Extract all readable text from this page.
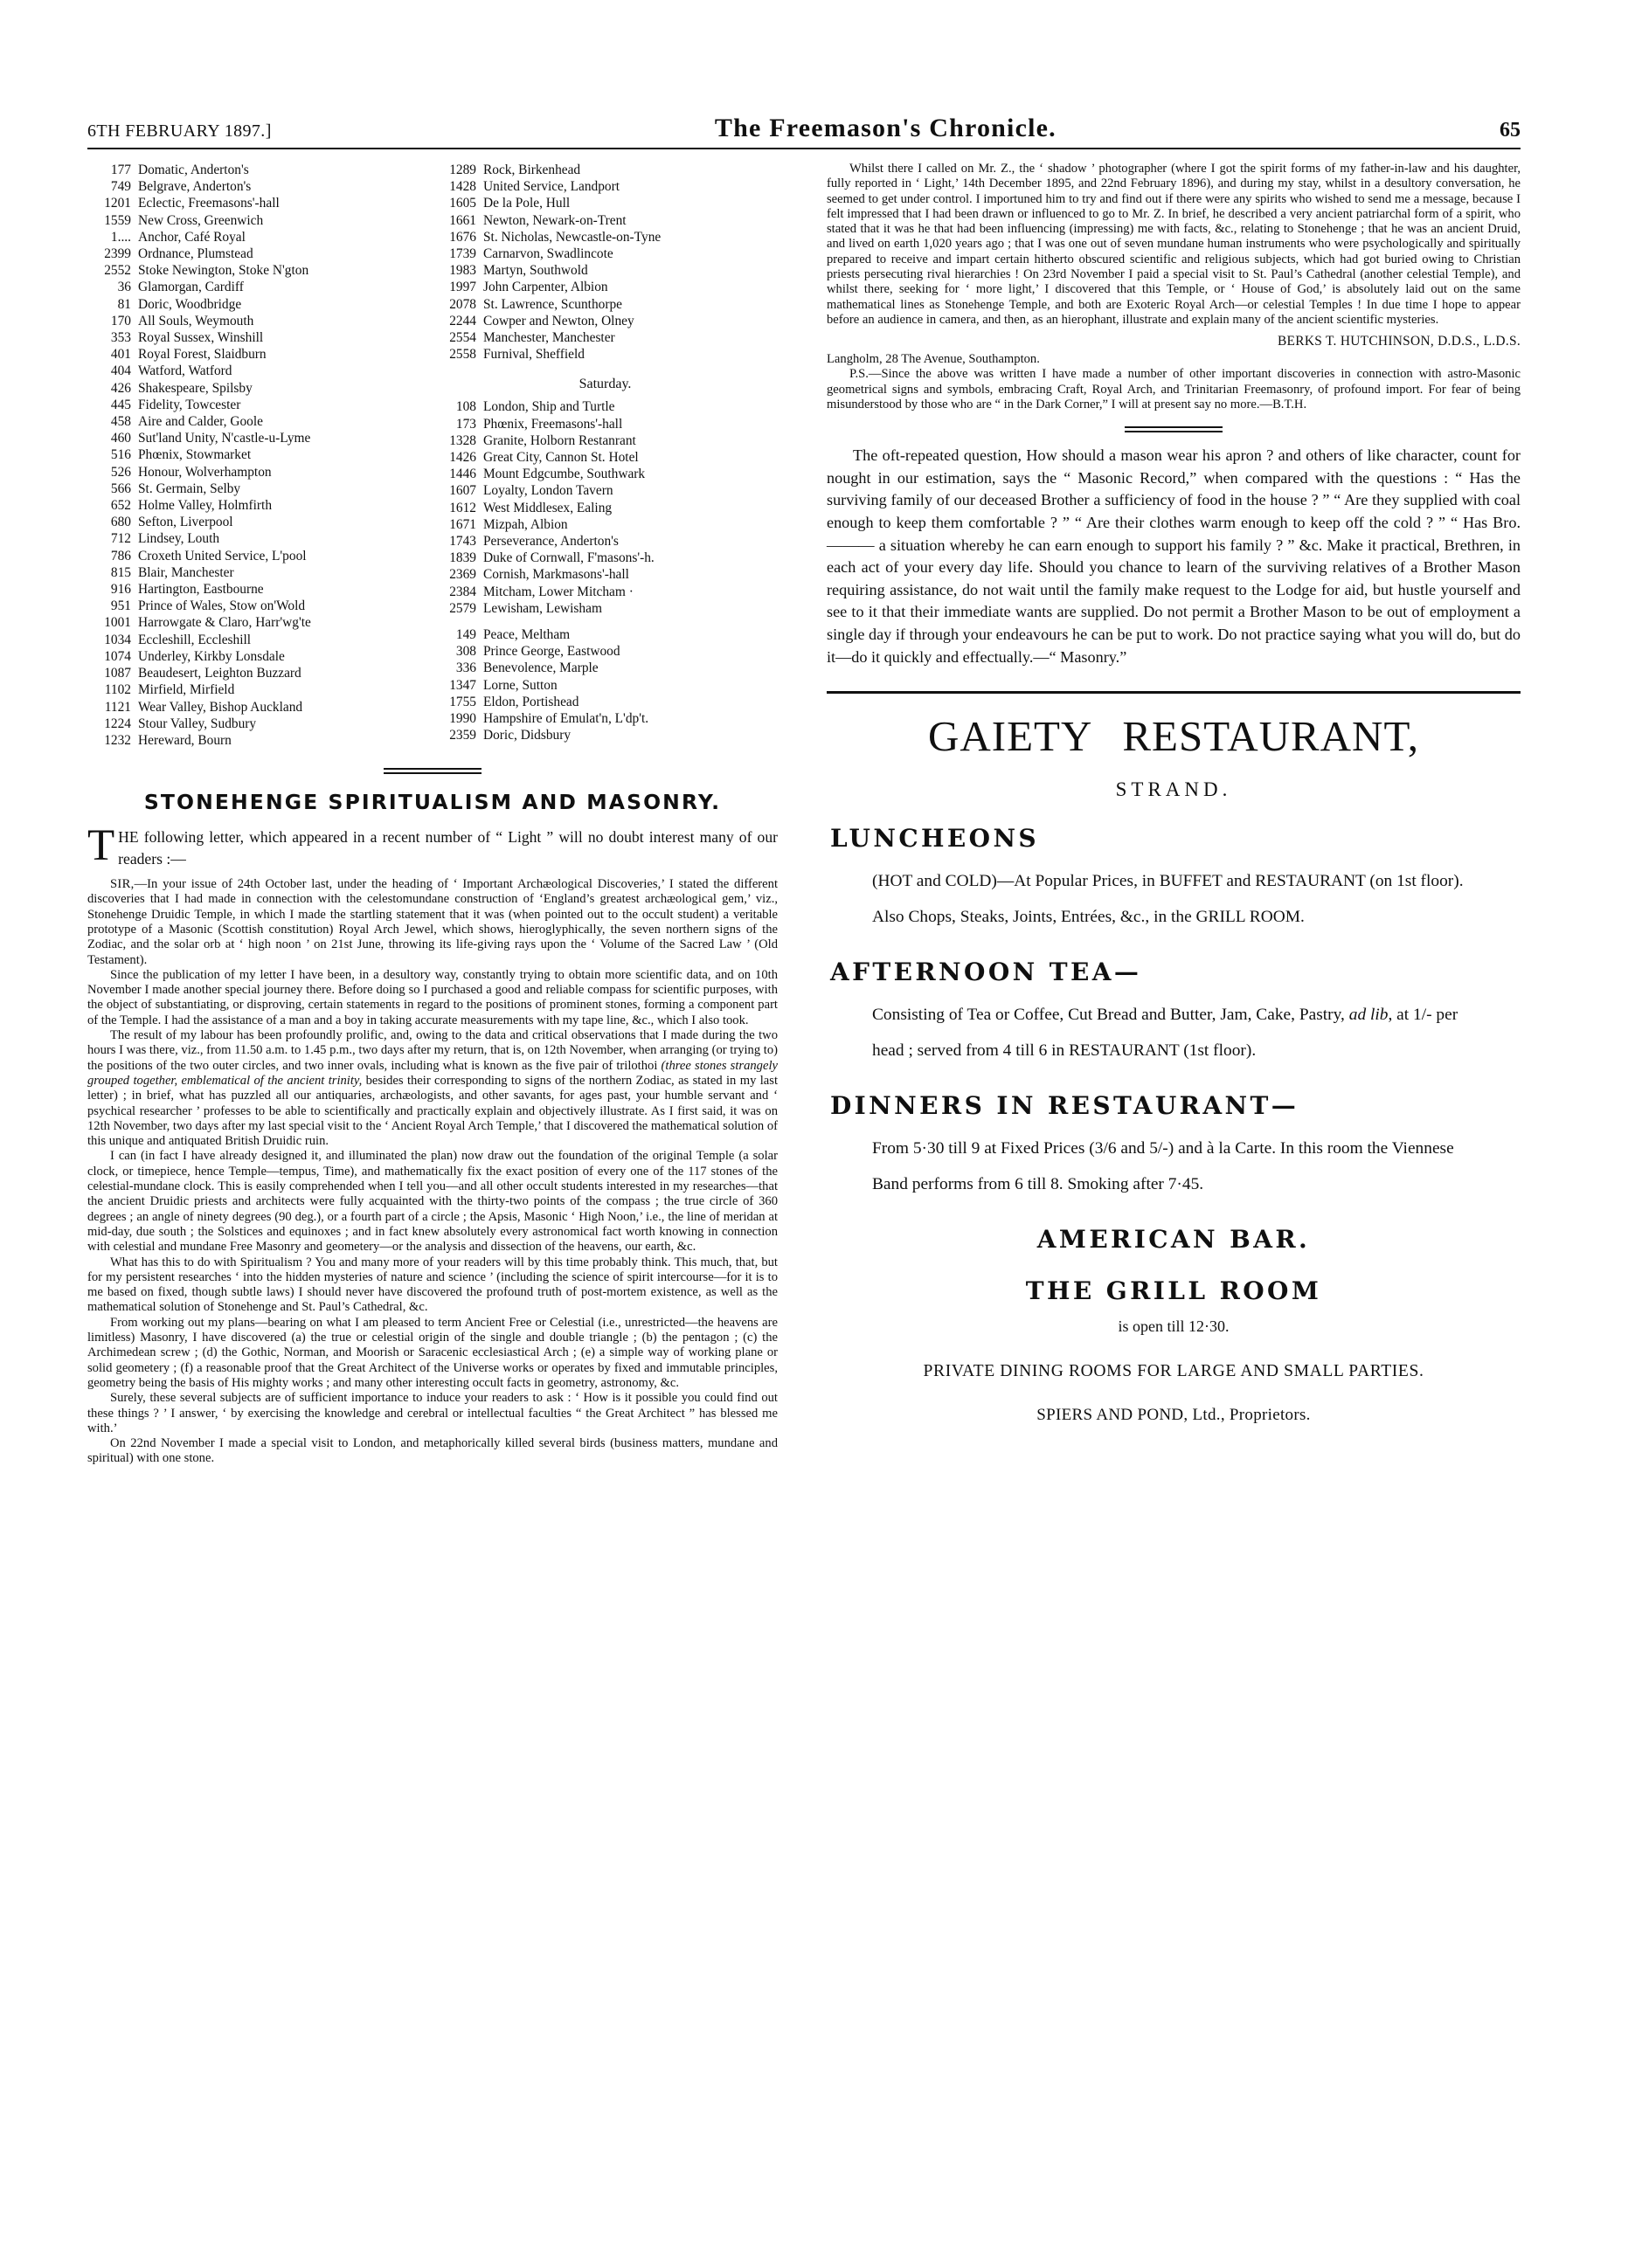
6TH FEBRUARY 1897.]	The Freemason's Chronicle.	65
177 Domatic, Anderton's
749 Belgrave, Anderton's
1201 Eclectic, Freemasons'-hall
1559 New Cross, Greenwich
1.... Anchor, Café Royal
2399 Ordnance, Plumstead
2552 Stoke Newington, Stoke N'gton
36 Glamorgan, Cardiff
81 Doric, Woodbridge
170 All Souls, Weymouth
353 Royal Sussex, Winshill
401 Royal Forest, Slaidburn
404 Watford, Watford
426 Shakespeare, Spilsby
445 Fidelity, Towcester
458 Aire and Calder, Goole
460 Sut'land Unity, N'castle-u-Lyme
516 Phœnix, Stowmarket
526 Honour, Wolverhampton
566 St. Germain, Selby
652 Holme Valley, Holmfirth
680 Sefton, Liverpool
712 Lindsey, Louth
786 Croxeth United Service, L'pool
815 Blair, Manchester
916 Hartington, Eastbourne
951 Prince of Wales, Stow on'Wold
1001 Harrowgate & Claro, Harr'wg'te
1034 Eccleshill, Eccleshill
1074 Underley, Kirkby Lonsdale
1087 Beaudesert, Leighton Buzzard
1102 Mirfield, Mirfield
1121 Wear Valley, Bishop Auckland
1224 Stour Valley, Sudbury
1232 Hereward, Bourn
1289 Rock, Birkenhead
1428 United Service, Landport
1605 De la Pole, Hull
1661 Newton, Newark-on-Trent
1676 St. Nicholas, Newcastle-on-Tyne
1739 Carnarvon, Swadlincote
1983 Martyn, Southwold
1997 John Carpenter, Albion
2078 St. Lawrence, Scunthorpe
2244 Cowper and Newton, Olney
2554 Manchester, Manchester
2558 Furnival, Sheffield
Saturday.
108 London, Ship and Turtle
173 Phœnix, Freemasons'-hall
1328 Granite, Holborn Restanrant
1426 Great City, Cannon St. Hotel
1446 Mount Edgcumbe, Southwark
1607 Loyalty, London Tavern
1612 West Middlesex, Ealing
1671 Mizpah, Albion
1743 Perseverance, Anderton's
1839 Duke of Cornwall, F'masons'-h.
2369 Cornish, Markmasons'-hall
2384 Mitcham, Lower Mitcham ·
2579 Lewisham, Lewisham
149 Peace, Meltham
308 Prince George, Eastwood
336 Benevolence, Marple
1347 Lorne, Sutton
1755 Eldon, Portishead
1990 Hampshire of Emulat'n, L'dp't.
2359 Doric, Didsbury
STONEHENGE SPIRITUALISM AND MASONRY.

THE following letter, which appeared in a recent number of “ Light ” will no doubt interest many of our readers :—

SIR,—In your issue of 24th October last, under the heading of ‘ Important Archæological Discoveries,’ I stated the different discoveries that I had made in connection with the celestomundane construction of ‘England’s greatest archæological gem,’ viz., Stonehenge Druidic Temple, in which I made the startling statement that it was (when pointed out to the occult student) a veritable prototype of a Masonic (Scottish constitution) Royal Arch Jewel, which shows, hieroglyphically, the seven northern signs of the Zodiac, and the solar orb at ‘ high noon ’ on 21st June, throwing its life-giving rays upon the ‘ Volume of the Sacred Law ’ (Old Testament).

Since the publication of my letter I have been, in a desultory way, constantly trying to obtain more scientific data, and on 10th November I made another special journey there. Before doing so I purchased a good and reliable compass for scientific purposes, with the object of substantiating, or disproving, certain statements in regard to the positions of prominent stones, forming a component part of the Temple. I had the assistance of a man and a boy in taking accurate measurements with my tape line, &c., which I also took.

The result of my labour has been profoundly prolific, and, owing to the data and critical observations that I made during the two hours I was there, viz., from 11.50 a.m. to 1.45 p.m., two days after my return, that is, on 12th November, when arranging (or trying to) the positions of the two outer circles, and two inner ovals, including what is known as the five pair of trilothoi (three stones strangely grouped together, emblematical of the ancient trinity, besides their corresponding to signs of the northern Zodiac, as stated in my last letter) ; in brief, what has puzzled all our antiquaries, archæologists, and other savants, for ages past, your humble servant and ‘ psychical researcher ’ professes to be able to scientifically and practically explain and objectively illustrate. As I first said, it was on 12th November, two days after my last special visit to the ‘ Ancient Royal Arch Temple,’ that I discovered the mathematical solution of this unique and antiquated British Druidic ruin.

I can (in fact I have already designed it, and illuminated the plan) now draw out the foundation of the original Temple (a solar clock, or timepiece, hence Temple—tempus, Time), and mathematically fix the exact position of every one of the 117 stones of the celestial-mundane clock. This is easily comprehended when I tell you—and all other occult students interested in my researches—that the ancient Druidic priests and architects were fully acquainted with the thirty-two points of the compass ; the true circle of 360 degrees ; an angle of ninety degrees (90 deg.), or a fourth part of a circle ; the Apsis, Masonic ‘ High Noon,’ i.e., the line of meridan at mid-day, due south ; the Solstices and equinoxes ; and in fact knew absolutely every astronomical fact worth knowing in connection with celestial and mundane Free Masonry and geometery—or the analysis and dissection of the heavens, our earth, &c.

What has this to do with Spiritualism ? You and many more of your readers will by this time probably think. This much, that, but for my persistent researches ‘ into the hidden mysteries of nature and science ’ (including the science of spirit intercourse—for it is to me based on fixed, though subtle laws) I should never have discovered the profound truth of post-mortem existence, as well as the mathematical solution of Stonehenge and St. Paul’s Cathedral, &c.

From working out my plans—bearing on what I am pleased to term Ancient Free or Celestial (i.e., unrestricted—the heavens are limitless) Masonry, I have discovered (a) the true or celestial origin of the single and double triangle ; (b) the pentagon ; (c) the Archimedean screw ; (d) the Gothic, Norman, and Moorish or Saracenic ecclesiastical Arch ; (e) a simple way of working plane or solid geometery ; (f) a reasonable proof that the Great Architect of the Universe works or operates by fixed and immutable principles, geometry being the basis of His mighty works ; and many other interesting occult facts in geometry, astronomy, &c.

Surely, these several subjects are of sufficient importance to induce your readers to ask : ‘ How is it possible you could find out these things ? ’ I answer, ‘ by exercising the knowledge and cerebral or intellectual faculties “ the Great Architect ” has blessed me with.’

On 22nd November I made a special visit to London, and metaphorically killed several birds (business matters, mundane and spiritual) with one stone.

Whilst there I called on Mr. Z., the ‘ shadow ’ photographer (where I got the spirit forms of my father-in-law and his daughter, fully reported in ‘ Light,’ 14th December 1895, and 22nd February 1896), and during my stay, whilst in a desultory conversation, he seemed to get under control. I importuned him to try and find out if there were any spirits who wished to send me a message, because I felt impressed that I had been drawn or influenced to go to Mr. Z. In brief, he described a very ancient patriarchal form of a spirit, who stated that it was he that had been influencing (impressing) me with facts, &c., relating to Stonehenge ; that he was an ancient Druid, and lived on earth 1,020 years ago ; that I was one out of seven mundane human instruments who were psychologically and spiritually prepared to receive and impart certain hitherto obscured scientific and religious subjects, which had got buried owing to Christian priests persecuting rival hierarchies ! On 23rd November I paid a special visit to St. Paul’s Cathedral (another celestial Temple), and whilst there, seeking for ‘ more light,’ I discovered that this Temple, or ‘ House of God,’ is absolutely laid out on the same mathematical lines as Stonehenge Temple, and both are Exoteric Royal Arch—or celestial Temples ! In due time I hope to appear before an audience in camera, and then, as an hierophant, illustrate and explain many of the ancient scientific mysteries.

BERKS T. HUTCHINSON, D.D.S., L.D.S.

Langholm, 28 The Avenue, Southampton.

P.S.—Since the above was written I have made a number of other important discoveries in connection with astro-Masonic geometrical signs and symbols, embracing Craft, Royal Arch, and Trinitarian Freemasonry, of profound import. For fear of being misunderstood by those who are “ in the Dark Corner,” I will at present say no more.—B.T.H.

The oft-repeated question, How should a mason wear his apron ? and others of like character, count for nought in our estimation, says the “ Masonic Record,” when compared with the questions : “ Has the surviving family of our deceased Brother a sufficiency of food in the house ? ” “ Are they supplied with coal enough to keep them comfortable ? ” “ Are their clothes warm enough to keep off the cold ? ” “ Has Bro. ——— a situation whereby he can earn enough to support his family ? ” &c. Make it practical, Brethren, in each act of your every day life. Should you chance to learn of the surviving relatives of a Brother Mason requiring assistance, do not wait until the family make request to the Lodge for aid, but hustle yourself and see to it that their immediate wants are supplied. Do not permit a Brother Mason to be out of employment a single day if through your endeavours he can be put to work. Do not practice saying what you will do, but do it—do it quickly and effectually.—“ Masonry.”

GAIETY RESTAURANT,
STRAND.
LUNCHEONS

(HOT and COLD)—At Popular Prices, in BUFFET and RESTAURANT (on 1st floor). Also Chops, Steaks, Joints, Entrées, &c., in the GRILL ROOM.

AFTERNOON TEA—

Consisting of Tea or Coffee, Cut Bread and Butter, Jam, Cake, Pastry, ad lib, at 1/- per head ; served from 4 till 6 in RESTAURANT (1st floor).

DINNERS IN RESTAURANT—

From 5·30 till 9 at Fixed Prices (3/6 and 5/-) and à la Carte. In this room the Viennese Band performs from 6 till 8. Smoking after 7·45.

AMERICAN BAR.
THE GRILL ROOM
is open till 12·30.
PRIVATE DINING ROOMS FOR LARGE AND SMALL PARTIES.
SPIERS AND POND, Ltd., Proprietors.
